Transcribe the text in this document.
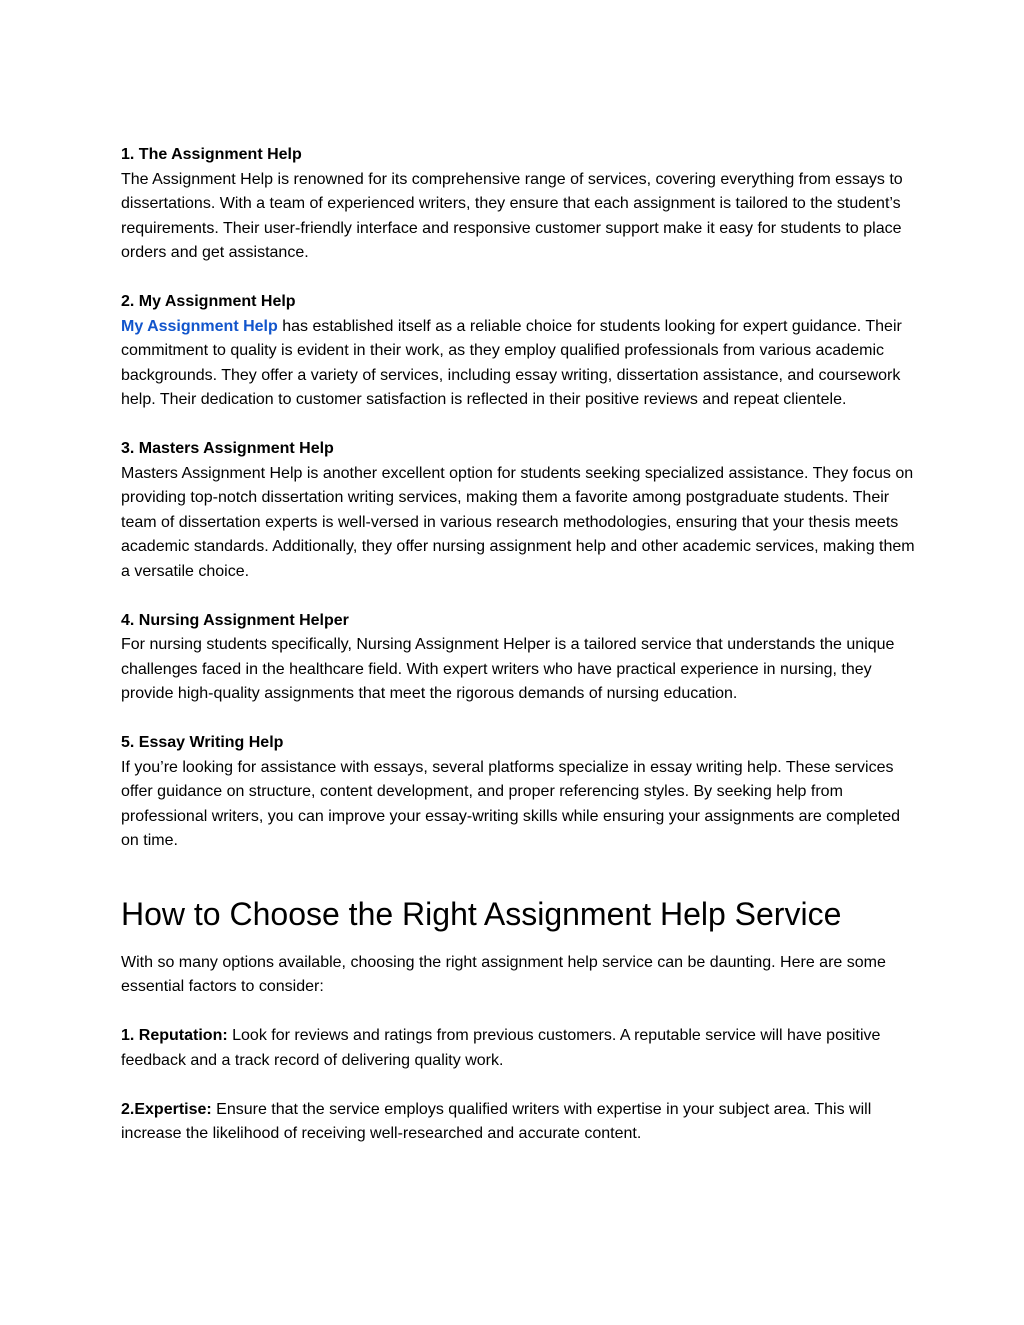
1. The Assignment Help

The Assignment Help is renowned for its comprehensive range of services, covering everything from essays to dissertations. With a team of experienced writers, they ensure that each assignment is tailored to the student’s requirements. Their user-friendly interface and responsive customer support make it easy for students to place orders and get assistance.

2. My Assignment Help

My Assignment Help has established itself as a reliable choice for students looking for expert guidance. Their commitment to quality is evident in their work, as they employ qualified professionals from various academic backgrounds. They offer a variety of services, including essay writing, dissertation assistance, and coursework help. Their dedication to customer satisfaction is reflected in their positive reviews and repeat clientele.

3. Masters Assignment Help

Masters Assignment Help is another excellent option for students seeking specialized assistance. They focus on providing top-notch dissertation writing services, making them a favorite among postgraduate students. Their team of dissertation experts is well-versed in various research methodologies, ensuring that your thesis meets academic standards. Additionally, they offer nursing assignment help and other academic services, making them a versatile choice.

4. Nursing Assignment Helper

For nursing students specifically, Nursing Assignment Helper is a tailored service that understands the unique challenges faced in the healthcare field. With expert writers who have practical experience in nursing, they provide high-quality assignments that meet the rigorous demands of nursing education.

5. Essay Writing Help

If you’re looking for assistance with essays, several platforms specialize in essay writing help. These services offer guidance on structure, content development, and proper referencing styles. By seeking help from professional writers, you can improve your essay-writing skills while ensuring your assignments are completed on time.

How to Choose the Right Assignment Help Service

With so many options available, choosing the right assignment help service can be daunting. Here are some essential factors to consider:

1. Reputation: Look for reviews and ratings from previous customers. A reputable service will have positive feedback and a track record of delivering quality work.

2.Expertise: Ensure that the service employs qualified writers with expertise in your subject area. This will increase the likelihood of receiving well-researched and accurate content.
